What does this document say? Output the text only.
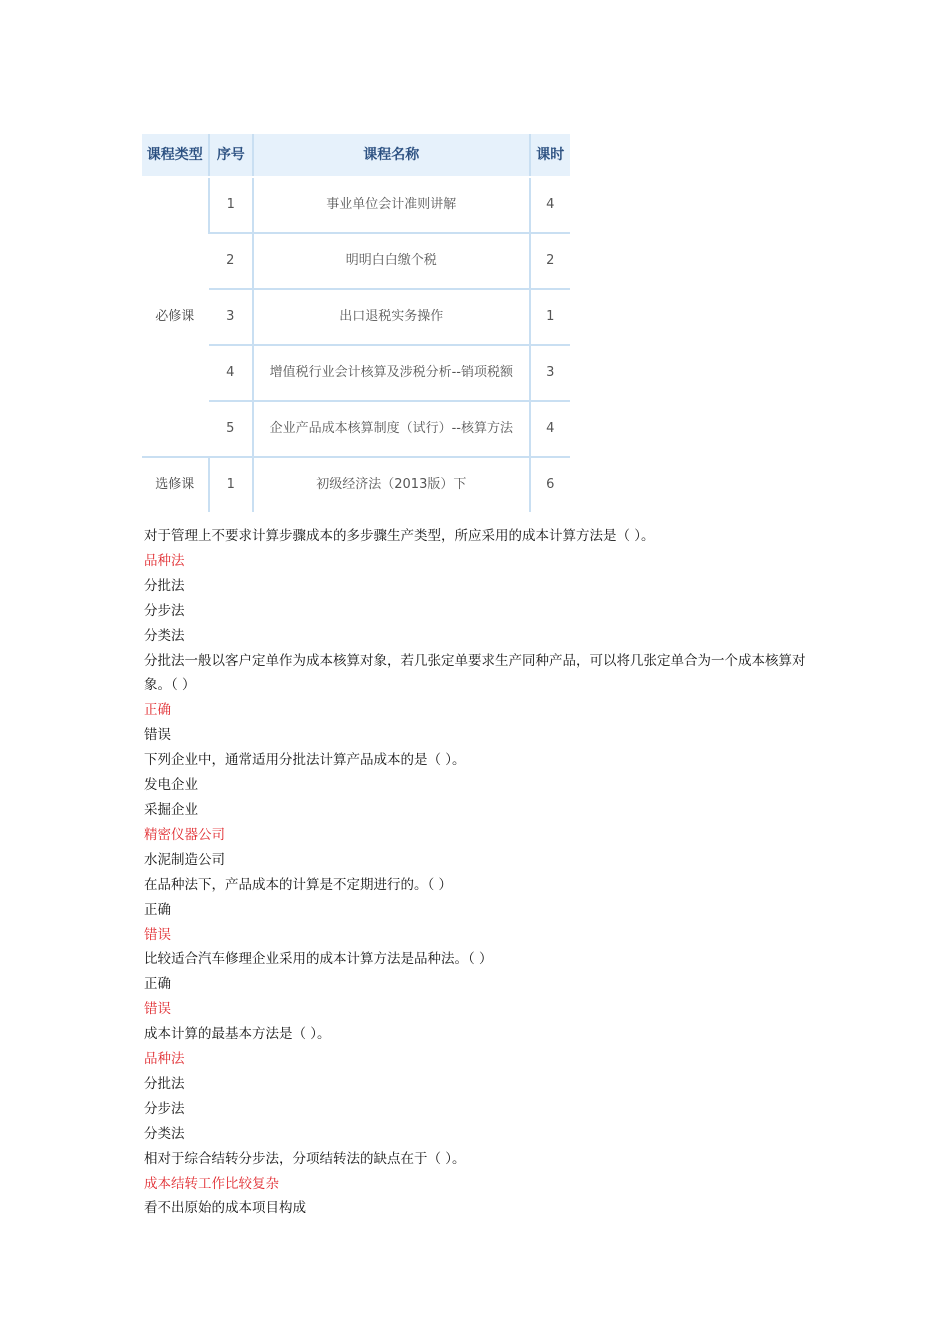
课程类型	序号	课程名称	课时
必修课	1	事业单位会计准则讲解	4
	2	明明白白缴个税	2
	3	出口退税实务操作	1
	4	增值税行业会计核算及涉税分析--销项税额	3
	5	企业产品成本核算制度（试行）--核算方法	4
选修课	1	初级经济法（2013版）下	6

对于管理上不要求计算步骤成本的多步骤生产类型，所应采用的成本计算方法是（ ）。

品种法

分批法

分步法

分类法

分批法一般以客户定单作为成本核算对象，若几张定单要求生产同种产品，可以将几张定单合为一个成本核算对象。（ ）

正确

错误

下列企业中，通常适用分批法计算产品成本的是（ ）。

发电企业

采掘企业

精密仪器公司

水泥制造公司

在品种法下，产品成本的计算是不定期进行的。（ ）

正确

错误

比较适合汽车修理企业采用的成本计算方法是品种法。（ ）

正确

错误

成本计算的最基本方法是（ ）。

品种法

分批法

分步法

分类法

相对于综合结转分步法，分项结转法的缺点在于（ ）。

成本结转工作比较复杂

看不出原始的成本项目构成
